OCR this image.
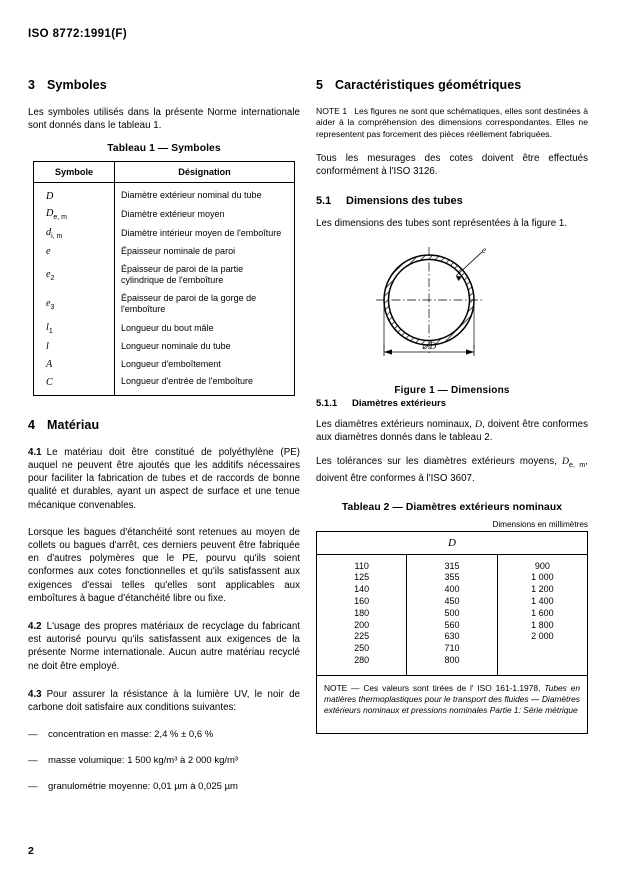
ISO 8772:1991(F)
3 Symboles

Les symboles utilisés dans la présente Norme internationale sont donnés dans le tableau 1.

Tableau 1 — Symboles
Symbole	Désignation
D	Diamètre extérieur nominal du tube
$D_{e, m}$	Diamètre extérieur moyen
$d_{i, m}$	Diamètre intérieur moyen de l'emboîture
e	Épaisseur nominale de paroi
$e_2$	Épaisseur de paroi de la partie cylindrique de l'emboîture
$e_3$	Épaisseur de paroi de la gorge de l'emboîture
$l_1$	Longueur du bout mâle
l	Longueur nominale du tube
A	Longueur d'emboîtement
C	Longueur d'entrée de l'emboîture
4 Matériau

4.1 Le matériau doit être constitué de polyéthylène (PE) auquel ne peuvent être ajoutés que les additifs nécessaires pour faciliter la fabrication de tubes et de raccords de bonne qualité et durables, ayant un aspect de surface et une tenue mécanique convenables.

Lorsque les bagues d'étanchéité sont retenues au moyen de collets ou bagues d'arrêt, ces derniers peuvent être fabriquée en d'autres polymères que le PE, pourvu qu'ils soient conformes aux cotes fonctionnelles et qu'ils satisfassent aux exigences d'essai telles qu'elles sont applicables aux emboîtures à bague d'étanchéité libre ou fixe.

4.2 L'usage des propres matériaux de recyclage du fabricant est autorisé pourvu qu'ils satisfassent aux exigences de la présente Norme internationale. Aucun autre matériau recyclé ne doit être employé.

4.3 Pour assurer la résistance à la lumière UV, le noir de carbone doit satisfaire aux conditions suivantes:

— concentration en masse: 2,4 % ± 0,6 %
— masse volumique: 1 500 kg/m³ à 2 000 kg/m³
— granulométrie moyenne: 0,01 µm à 0,025 µm
5 Caractéristiques géométriques

NOTE 1 Les figures ne sont que schématiques, elles sont destinées à aider à la compréhension des dimensions correspondantes. Elles ne representent pas forcement des pièces réellement fabriquées.

Tous les mesurages des cotes doivent être effectués conformément à l'ISO 3126.

5.1 Dimensions des tubes

Les dimensions des tubes sont représentées à la figure 1.

e
⌀ D
Figure 1 — Dimensions
5.1.1 Diamètres extérieurs

Les diamètres extérieurs nominaux, D, doivent être conformes aux diamètres donnés dans le tableau 2.

Les tolérances sur les diamètres extérieurs moyens, $D_{e, m}$, doivent être conformes à l'ISO 3607.

Tableau 2 — Diamètres extérieurs nominaux
Dimensions en millimètres
D

110
125
140
160
180
200
225
250
280

315
355
400
450
500
560
630
710
800

900
1 000
1 200
1 400
1 600
1 800
2 000

NOTE — Ces valeurs sont tirées de l' ISO 161-1.1978, Tubes en matières thermoplastiques pour le transport des fluides — Diamètres extérieurs nominaux et pressions nominales Partie 1: Série métrique
2
